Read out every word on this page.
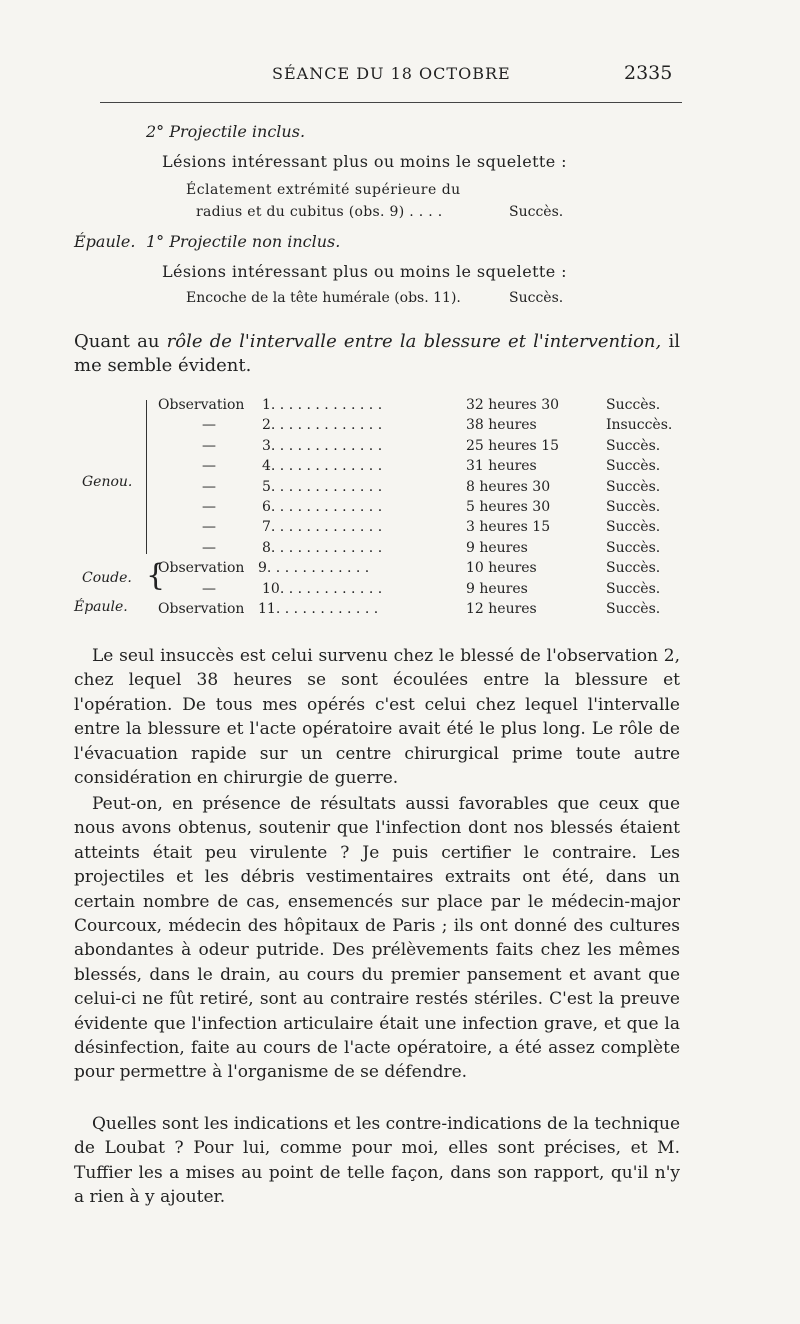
SÉANCE DU 18 OCTOBRE	2335
2° Projectile inclus.
Lésions intéressant plus ou moins le squelette :
Éclatement extrémité supérieure du
radius et du cubitus (obs. 9) . . . .	Succès.
Épaule. 1° Projectile non inclus.
Lésions intéressant plus ou moins le squelette :
Encoche de la tête humérale (obs. 11).	Succès.
Quant au rôle de l'intervalle entre la blessure et l'intervention, il me semble évident.
Genou.
Coude. {
Épaule.
Observation 1. . . . . . . . . . . . .	32 heures 30	Succès.
—	2. . . . . . . . . . . . .	38 heures	Insuccès.
—	3. . . . . . . . . . . . .	25 heures 15	Succès.
—	4. . . . . . . . . . . . .	31 heures	Succès.
—	5. . . . . . . . . . . . .	8 heures 30	Succès.
—	6. . . . . . . . . . . . .	5 heures 30	Succès.
—	7. . . . . . . . . . . . .	3 heures 15	Succès.
—	8. . . . . . . . . . . . .	9 heures	Succès.
Observation 9. . . . . . . . . . . .	10 heures	Succès.
—	10. . . . . . . . . . . .	9 heures	Succès.
Observation 11. . . . . . . . . . . .	12 heures	Succès.

Le seul insuccès est celui survenu chez le blessé de l'observation 2, chez lequel 38 heures se sont écoulées entre la blessure et l'opération. De tous mes opérés c'est celui chez lequel l'intervalle entre la blessure et l'acte opératoire avait été le plus long. Le rôle de l'évacuation rapide sur un centre chirurgical prime toute autre considération en chirurgie de guerre.

Peut-on, en présence de résultats aussi favorables que ceux que nous avons obtenus, soutenir que l'infection dont nos blessés étaient atteints était peu virulente ? Je puis certifier le contraire. Les projectiles et les débris vestimentaires extraits ont été, dans un certain nombre de cas, ensemencés sur place par le médecin-major Courcoux, médecin des hôpitaux de Paris ; ils ont donné des cultures abondantes à odeur putride. Des prélèvements faits chez les mêmes blessés, dans le drain, au cours du premier pansement et avant que celui-ci ne fût retiré, sont au contraire restés stériles. C'est la preuve évidente que l'infection articulaire était une infection grave, et que la désinfection, faite au cours de l'acte opératoire, a été assez complète pour permettre à l'organisme de se défendre.

Quelles sont les indications et les contre-indications de la technique de Loubat ? Pour lui, comme pour moi, elles sont précises, et M. Tuffier les a mises au point de telle façon, dans son rapport, qu'il n'y a rien à y ajouter.
